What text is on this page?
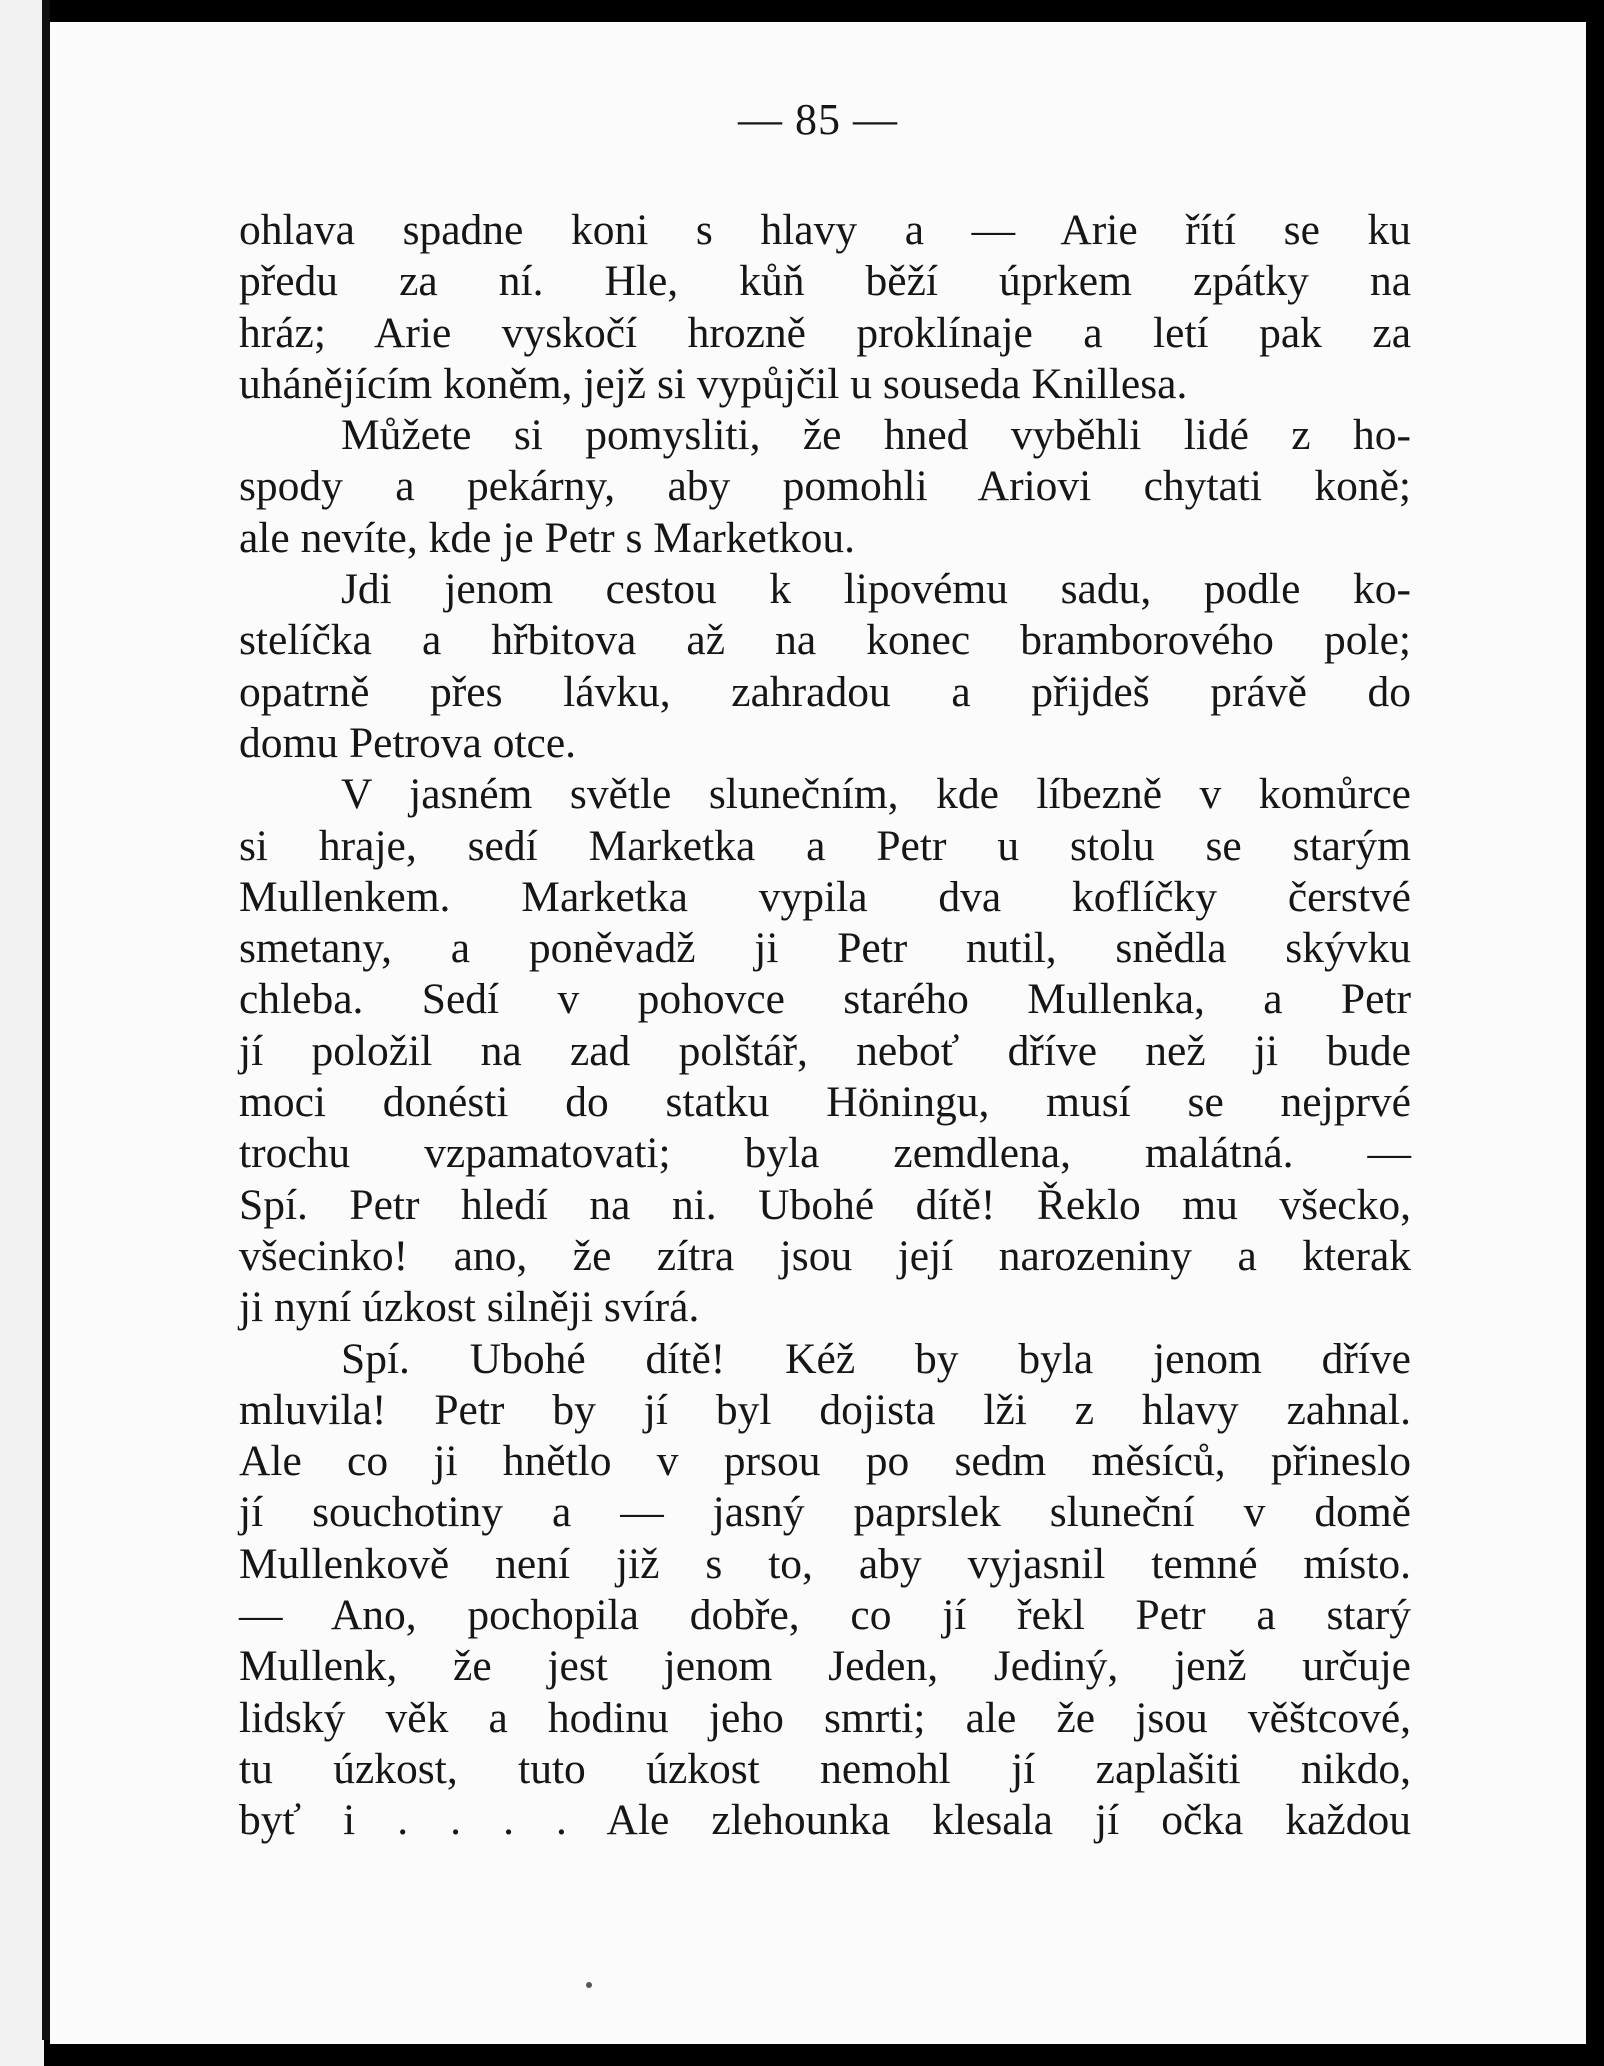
— 85 —
ohlava spadne koni s hlavy a — Arie řítí se ku
předu za ní. Hle, kůň běží úprkem zpátky na
hráz; Arie vyskočí hrozně proklínaje a letí pak za
uhánějícím koněm, jejž si vypůjčil u souseda Knillesa.
Můžete si pomysliti, že hned vyběhli lidé z ho-
spody a pekárny, aby pomohli Ariovi chytati koně;
ale nevíte, kde je Petr s Marketkou.
Jdi jenom cestou k lipovému sadu, podle ko-
stelíčka a hřbitova až na konec bramborového pole;
opatrně přes lávku, zahradou a přijdeš právě do
domu Petrova otce.
V jasném světle slunečním, kde líbezně v komůrce
si hraje, sedí Marketka a Petr u stolu se starým
Mullenkem. Marketka vypila dva koflíčky čerstvé
smetany, a poněvadž ji Petr nutil, snědla skývku
chleba. Sedí v pohovce starého Mullenka, a Petr
jí položil na zad polštář, neboť dříve než ji bude
moci donésti do statku Höningu, musí se nejprvé
trochu vzpamatovati; byla zemdlena, malátná. —
Spí. Petr hledí na ni. Ubohé dítě! Řeklo mu všecko,
všecinko! ano, že zítra jsou její narozeniny a kterak
ji nyní úzkost silněji svírá.
Spí. Ubohé dítě! Kéž by byla jenom dříve
mluvila! Petr by jí byl dojista lži z hlavy zahnal.
Ale co ji hnětlo v prsou po sedm měsíců, přineslo
jí souchotiny a — jasný paprslek sluneční v domě
Mullenkově není již s to, aby vyjasnil temné místo.
— Ano, pochopila dobře, co jí řekl Petr a starý
Mullenk, že jest jenom Jeden, Jediný, jenž určuje
lidský věk a hodinu jeho smrti; ale že jsou věštcové,
tu úzkost, tuto úzkost nemohl jí zaplašiti nikdo,
byť i . . . . Ale zlehounka klesala jí očka každou
